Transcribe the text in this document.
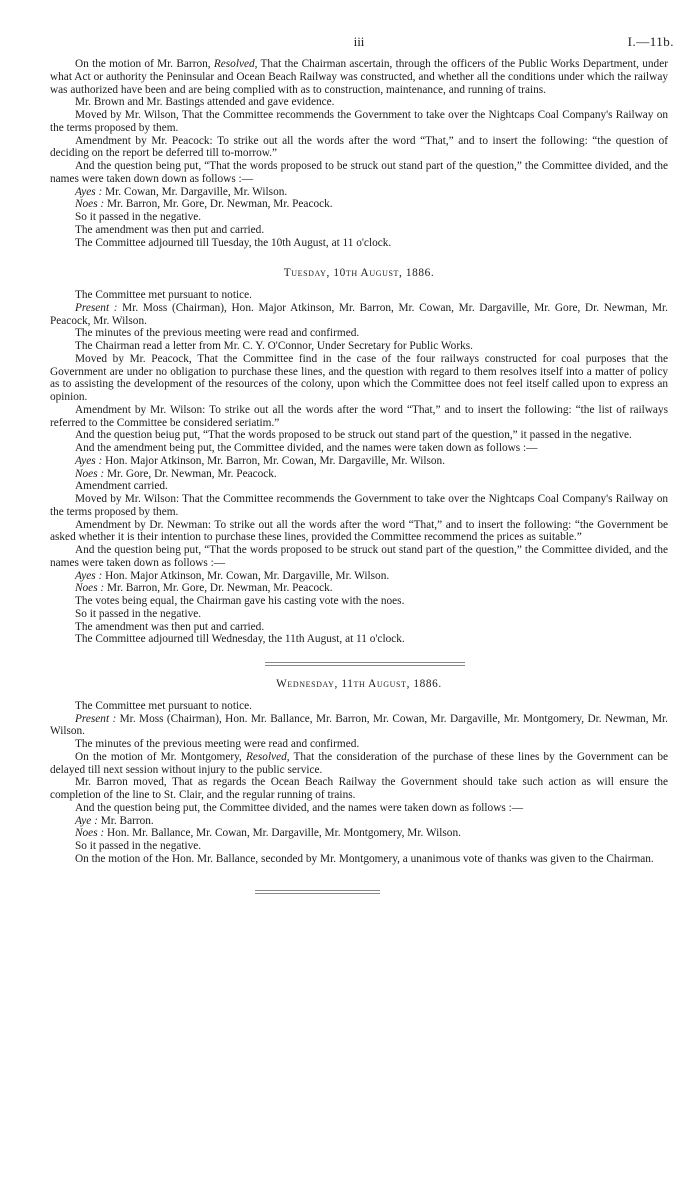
iii	I.—11b.

On the motion of Mr. Barron, Resolved, That the Chairman ascertain, through the officers of the Public Works Department, under what Act or authority the Peninsular and Ocean Beach Railway was constructed, and whether all the conditions under which the railway was authorized have been and are being complied with as to construction, maintenance, and running of trains.

Mr. Brown and Mr. Bastings attended and gave evidence.

Moved by Mr. Wilson, That the Committee recommends the Government to take over the Nightcaps Coal Company's Railway on the terms proposed by them.

Amendment by Mr. Peacock: To strike out all the words after the word “That,” and to insert the following: “the question of deciding on the report be deferred till to-morrow.”

And the question being put, “That the words proposed to be struck out stand part of the question,” the Committee divided, and the names were taken down down as follows :—

Ayes : Mr. Cowan, Mr. Dargaville, Mr. Wilson.

Noes : Mr. Barron, Mr. Gore, Dr. Newman, Mr. Peacock.

So it passed in the negative.

The amendment was then put and carried.

The Committee adjourned till Tuesday, the 10th August, at 11 o'clock.

Tuesday, 10th August, 1886.

The Committee met pursuant to notice.

Present : Mr. Moss (Chairman), Hon. Major Atkinson, Mr. Barron, Mr. Cowan, Mr. Dargaville, Mr. Gore, Dr. Newman, Mr. Peacock, Mr. Wilson.

The minutes of the previous meeting were read and confirmed.

The Chairman read a letter from Mr. C. Y. O'Connor, Under Secretary for Public Works.

Moved by Mr. Peacock, That the Committee find in the case of the four railways constructed for coal purposes that the Government are under no obligation to purchase these lines, and the question with regard to them resolves itself into a matter of policy as to assisting the development of the resources of the colony, upon which the Committee does not feel itself called upon to express an opinion.

Amendment by Mr. Wilson: To strike out all the words after the word “That,” and to insert the following: “the list of railways referred to the Committee be considered seriatim.”

And the question beiug put, “That the words proposed to be struck out stand part of the question,” it passed in the negative.

And the amendment being put, the Committee divided, and the names were taken down as follows :—

Ayes : Hon. Major Atkinson, Mr. Barron, Mr. Cowan, Mr. Dargaville, Mr. Wilson.

Noes : Mr. Gore, Dr. Newman, Mr. Peacock.

Amendment carried.

Moved by Mr. Wilson: That the Committee recommends the Government to take over the Nightcaps Coal Company's Railway on the terms proposed by them.

Amendment by Dr. Newman: To strike out all the words after the word “That,” and to insert the following: “the Government be asked whether it is their intention to purchase these lines, provided the Committee recommend the prices as suitable.”

And the question being put, “That the words proposed to be struck out stand part of the question,” the Committee divided, and the names were taken down as follows :—

Ayes : Hon. Major Atkinson, Mr. Cowan, Mr. Dargaville, Mr. Wilson.

Noes : Mr. Barron, Mr. Gore, Dr. Newman, Mr. Peacock.

The votes being equal, the Chairman gave his casting vote with the noes.

So it passed in the negative.

The amendment was then put and carried.

The Committee adjourned till Wednesday, the 11th August, at 11 o'clock.

Wednesday, 11th August, 1886.

The Committee met pursuant to notice.

Present : Mr. Moss (Chairman), Hon. Mr. Ballance, Mr. Barron, Mr. Cowan, Mr. Dargaville, Mr. Montgomery, Dr. Newman, Mr. Wilson.

The minutes of the previous meeting were read and confirmed.

On the motion of Mr. Montgomery, Resolved, That the consideration of the purchase of these lines by the Government can be delayed till next session without injury to the public service.

Mr. Barron moved, That as regards the Ocean Beach Railway the Government should take such action as will ensure the completion of the line to St. Clair, and the regular running of trains.

And the question being put, the Committee divided, and the names were taken down as follows :—

Aye : Mr. Barron.

Noes : Hon. Mr. Ballance, Mr. Cowan, Mr. Dargaville, Mr. Montgomery, Mr. Wilson.

So it passed in the negative.

On the motion of the Hon. Mr. Ballance, seconded by Mr. Montgomery, a unanimous vote of thanks was given to the Chairman.
